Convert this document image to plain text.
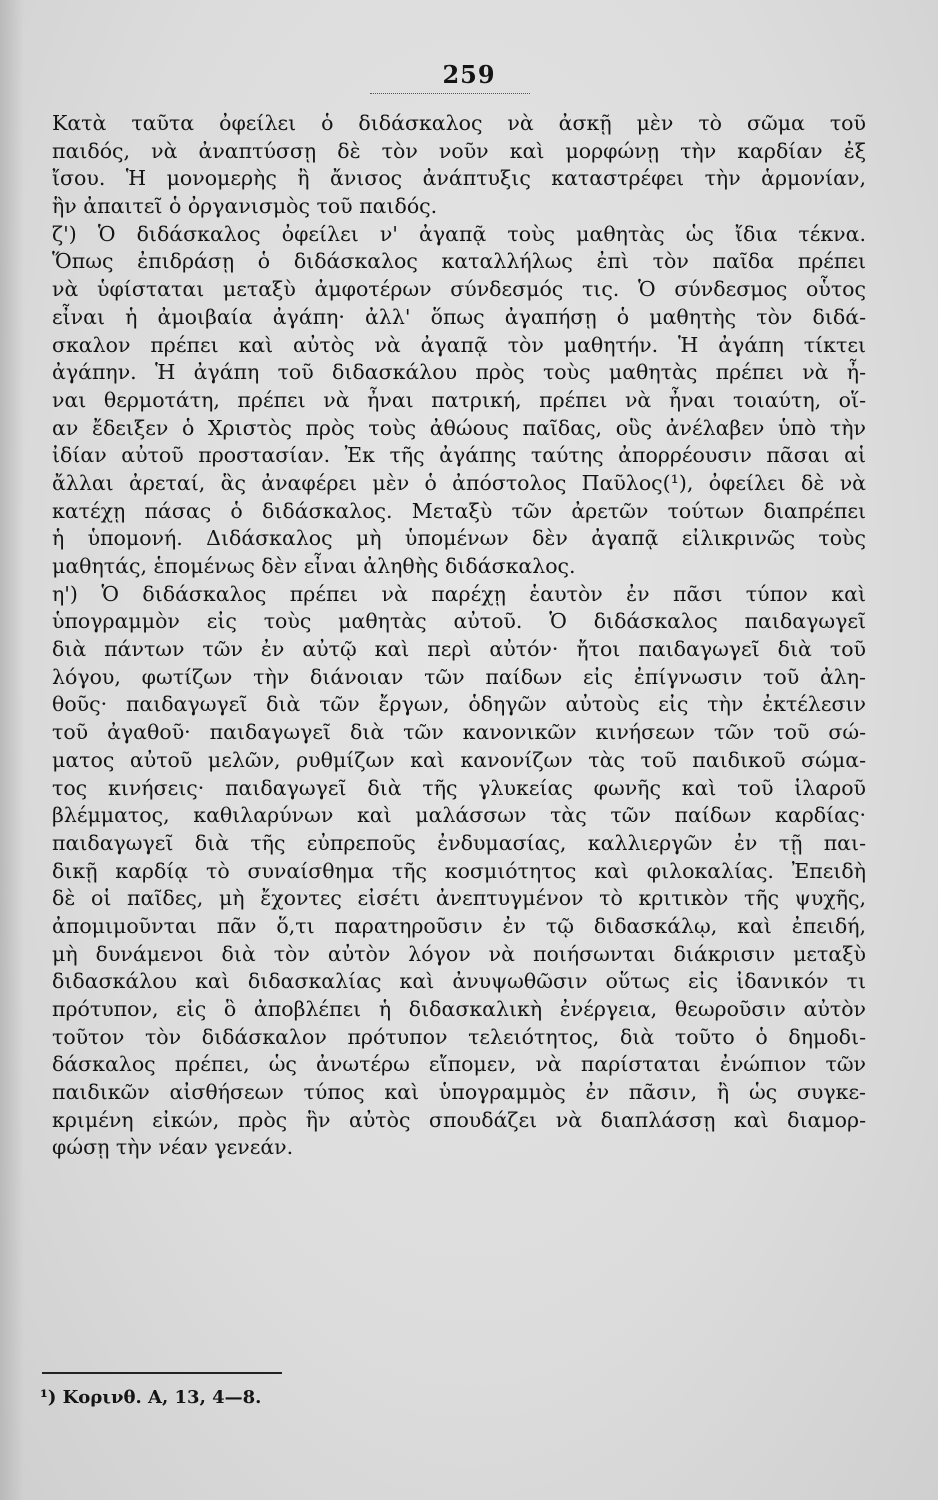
259
Κατὰ ταῦτα ὀφείλει ὁ διδάσκαλος νὰ ἀσκῇ μὲν τὸ σῶμα τοῦ
παιδός, νὰ ἀναπτύσσῃ δὲ τὸν νοῦν καὶ μορφώνῃ τὴν καρδίαν ἐξ
ἴσου. Ἡ μονομερὴς ἢ ἄνισος ἀνάπτυξις καταστρέφει τὴν ἁρμονίαν,
ἣν ἀπαιτεῖ ὁ ὀργανισμὸς τοῦ παιδός.
ζ') Ὁ διδάσκαλος ὀφείλει ν' ἀγαπᾷ τοὺς μαθητὰς ὡς ἴδια τέκνα.
Ὅπως ἐπιδράσῃ ὁ διδάσκαλος καταλλήλως ἐπὶ τὸν παῖδα πρέπει
νὰ ὑφίσταται μεταξὺ ἀμφοτέρων σύνδεσμός τις. Ὁ σύνδεσμος οὗτος
εἶναι ἡ ἀμοιβαία ἀγάπη· ἀλλ' ὅπως ἀγαπήσῃ ὁ μαθητὴς τὸν διδά-
σκαλον πρέπει καὶ αὐτὸς νὰ ἀγαπᾷ τὸν μαθητήν. Ἡ ἀγάπη τίκτει
ἀγάπην. Ἡ ἀγάπη τοῦ διδασκάλου πρὸς τοὺς μαθητὰς πρέπει νὰ ἦ-
ναι θερμοτάτη, πρέπει νὰ ἦναι πατρική, πρέπει νὰ ἦναι τοιαύτη, οἵ-
αν ἔδειξεν ὁ Χριστὸς πρὸς τοὺς ἀθώους παῖδας, οὓς ἀνέλαβεν ὑπὸ τὴν
ἰδίαν αὐτοῦ προστασίαν. Ἐκ τῆς ἀγάπης ταύτης ἀπορρέουσιν πᾶσαι αἱ
ἄλλαι ἀρεταί, ἃς ἀναφέρει μὲν ὁ ἀπόστολος Παῦλος(¹), ὀφείλει δὲ νὰ
κατέχῃ πάσας ὁ διδάσκαλος. Μεταξὺ τῶν ἀρετῶν τούτων διαπρέπει
ἡ ὑπομονή. Διδάσκαλος μὴ ὑπομένων δὲν ἀγαπᾷ εἰλικρινῶς τοὺς
μαθητάς, ἑπομένως δὲν εἶναι ἀληθὴς διδάσκαλος.
η') Ὁ διδάσκαλος πρέπει νὰ παρέχῃ ἑαυτὸν ἐν πᾶσι τύπον καὶ
ὑπογραμμὸν εἰς τοὺς μαθητὰς αὐτοῦ. Ὁ διδάσκαλος παιδαγωγεῖ
διὰ πάντων τῶν ἐν αὐτῷ καὶ περὶ αὐτόν· ἤτοι παιδαγωγεῖ διὰ τοῦ
λόγου, φωτίζων τὴν διάνοιαν τῶν παίδων εἰς ἐπίγνωσιν τοῦ ἀλη-
θοῦς· παιδαγωγεῖ διὰ τῶν ἔργων, ὁδηγῶν αὐτοὺς εἰς τὴν ἐκτέλεσιν
τοῦ ἀγαθοῦ· παιδαγωγεῖ διὰ τῶν κανονικῶν κινήσεων τῶν τοῦ σώ-
ματος αὐτοῦ μελῶν, ρυθμίζων καὶ κανονίζων τὰς τοῦ παιδικοῦ σώμα-
τος κινήσεις· παιδαγωγεῖ διὰ τῆς γλυκείας φωνῆς καὶ τοῦ ἱλαροῦ
βλέμματος, καθιλαρύνων καὶ μαλάσσων τὰς τῶν παίδων καρδίας·
παιδαγωγεῖ διὰ τῆς εὐπρεποῦς ἐνδυμασίας, καλλιεργῶν ἐν τῇ παι-
δικῇ καρδίᾳ τὸ συναίσθημα τῆς κοσμιότητος καὶ φιλοκαλίας. Ἐπειδὴ
δὲ οἱ παῖδες, μὴ ἔχοντες εἰσέτι ἀνεπτυγμένον τὸ κριτικὸν τῆς ψυχῆς,
ἀπομιμοῦνται πᾶν ὅ,τι παρατηροῦσιν ἐν τῷ διδασκάλῳ, καὶ ἐπειδή,
μὴ δυνάμενοι διὰ τὸν αὐτὸν λόγον νὰ ποιήσωνται διάκρισιν μεταξὺ
διδασκάλου καὶ διδασκαλίας καὶ ἀνυψωθῶσιν οὕτως εἰς ἰδανικόν τι
πρότυπον, εἰς ὃ ἀποβλέπει ἡ διδασκαλικὴ ἐνέργεια, θεωροῦσιν αὐτὸν
τοῦτον τὸν διδάσκαλον πρότυπον τελειότητος, διὰ τοῦτο ὁ δημοδι-
δάσκαλος πρέπει, ὡς ἀνωτέρω εἴπομεν, νὰ παρίσταται ἐνώπιον τῶν
παιδικῶν αἰσθήσεων τύπος καὶ ὑπογραμμὸς ἐν πᾶσιν, ἢ ὡς συγκε-
κριμένη εἰκών, πρὸς ἣν αὐτὸς σπουδάζει νὰ διαπλάσσῃ καὶ διαμορ-
φώσῃ τὴν νέαν γενεάν.
¹) Κορινθ. Α, 13, 4—8.
